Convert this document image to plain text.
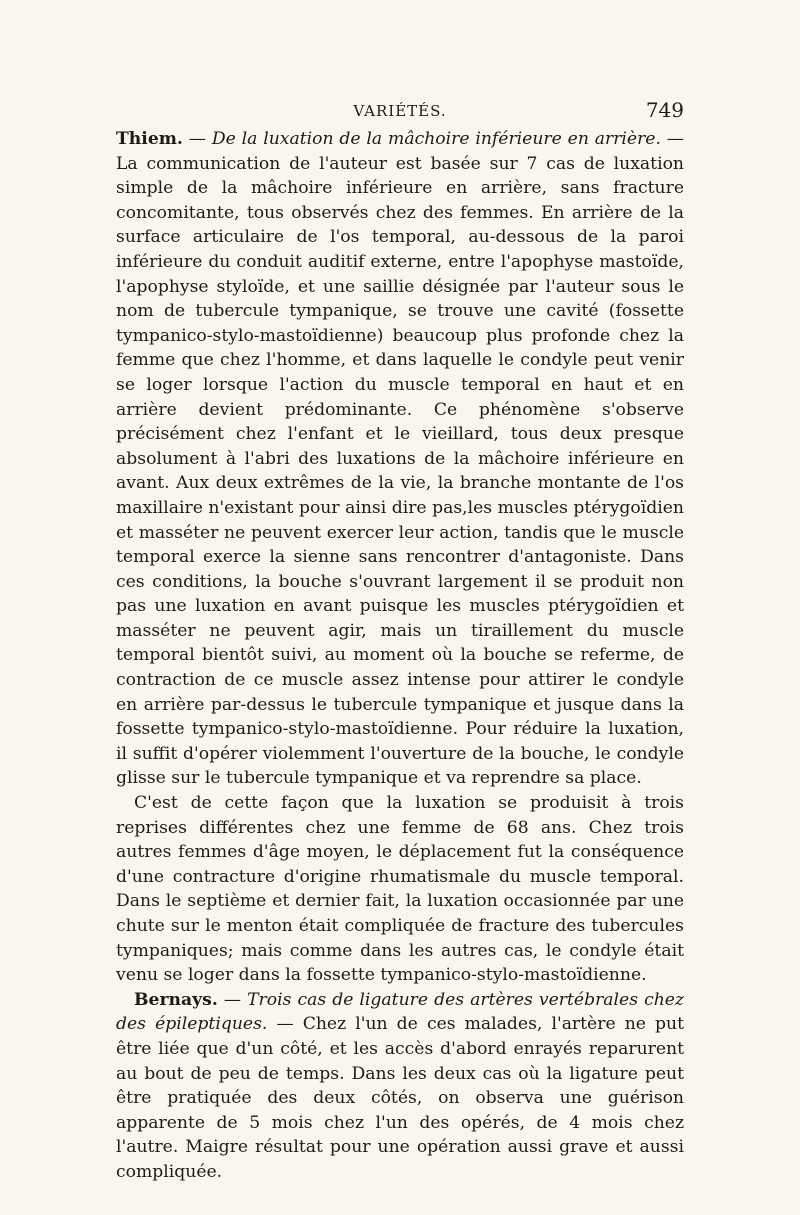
VARIÉTÉS.	749

Thiem. — De la luxation de la mâchoire inférieure en arrière. — La communication de l'auteur est basée sur 7 cas de luxation simple de la mâchoire inférieure en arrière, sans fracture concomitante, tous observés chez des femmes. En arrière de la surface articulaire de l'os temporal, au-dessous de la paroi inférieure du conduit auditif externe, entre l'apophyse mastoïde, l'apophyse styloïde, et une saillie désignée par l'auteur sous le nom de tubercule tympanique, se trouve une cavité (fossette tympanico-stylo-mastoïdienne) beaucoup plus profonde chez la femme que chez l'homme, et dans laquelle le condyle peut venir se loger lorsque l'action du muscle temporal en haut et en arrière devient prédominante. Ce phénomène s'observe précisément chez l'enfant et le vieillard, tous deux presque absolument à l'abri des luxations de la mâchoire inférieure en avant. Aux deux extrêmes de la vie, la branche montante de l'os maxillaire n'existant pour ainsi dire pas,les muscles ptérygoïdien et masséter ne peuvent exercer leur action, tandis que le muscle temporal exerce la sienne sans rencontrer d'antagoniste. Dans ces conditions, la bouche s'ouvrant largement il se produit non pas une luxation en avant puisque les muscles ptérygoïdien et masséter ne peuvent agir, mais un tiraillement du muscle temporal bientôt suivi, au moment où la bouche se referme, de contraction de ce muscle assez intense pour attirer le condyle en arrière par-dessus le tubercule tympanique et jusque dans la fossette tympanico-stylo-mastoïdienne. Pour réduire la luxation, il suffit d'opérer violemment l'ouverture de la bouche, le condyle glisse sur le tubercule tympanique et va reprendre sa place.

C'est de cette façon que la luxation se produisit à trois reprises différentes chez une femme de 68 ans. Chez trois autres femmes d'âge moyen, le déplacement fut la conséquence d'une contracture d'origine rhumatismale du muscle temporal. Dans le septième et dernier fait, la luxation occasionnée par une chute sur le menton était compliquée de fracture des tubercules tympaniques; mais comme dans les autres cas, le condyle était venu se loger dans la fossette tympanico-stylo-mastoïdienne.

Bernays. — Trois cas de ligature des artères vertébrales chez des épileptiques. — Chez l'un de ces malades, l'artère ne put être liée que d'un côté, et les accès d'abord enrayés reparurent au bout de peu de temps. Dans les deux cas où la ligature peut être pratiquée des deux côtés, on observa une guérison apparente de 5 mois chez l'un des opérés, de 4 mois chez l'autre. Maigre résultat pour une opération aussi grave et aussi compliquée.
